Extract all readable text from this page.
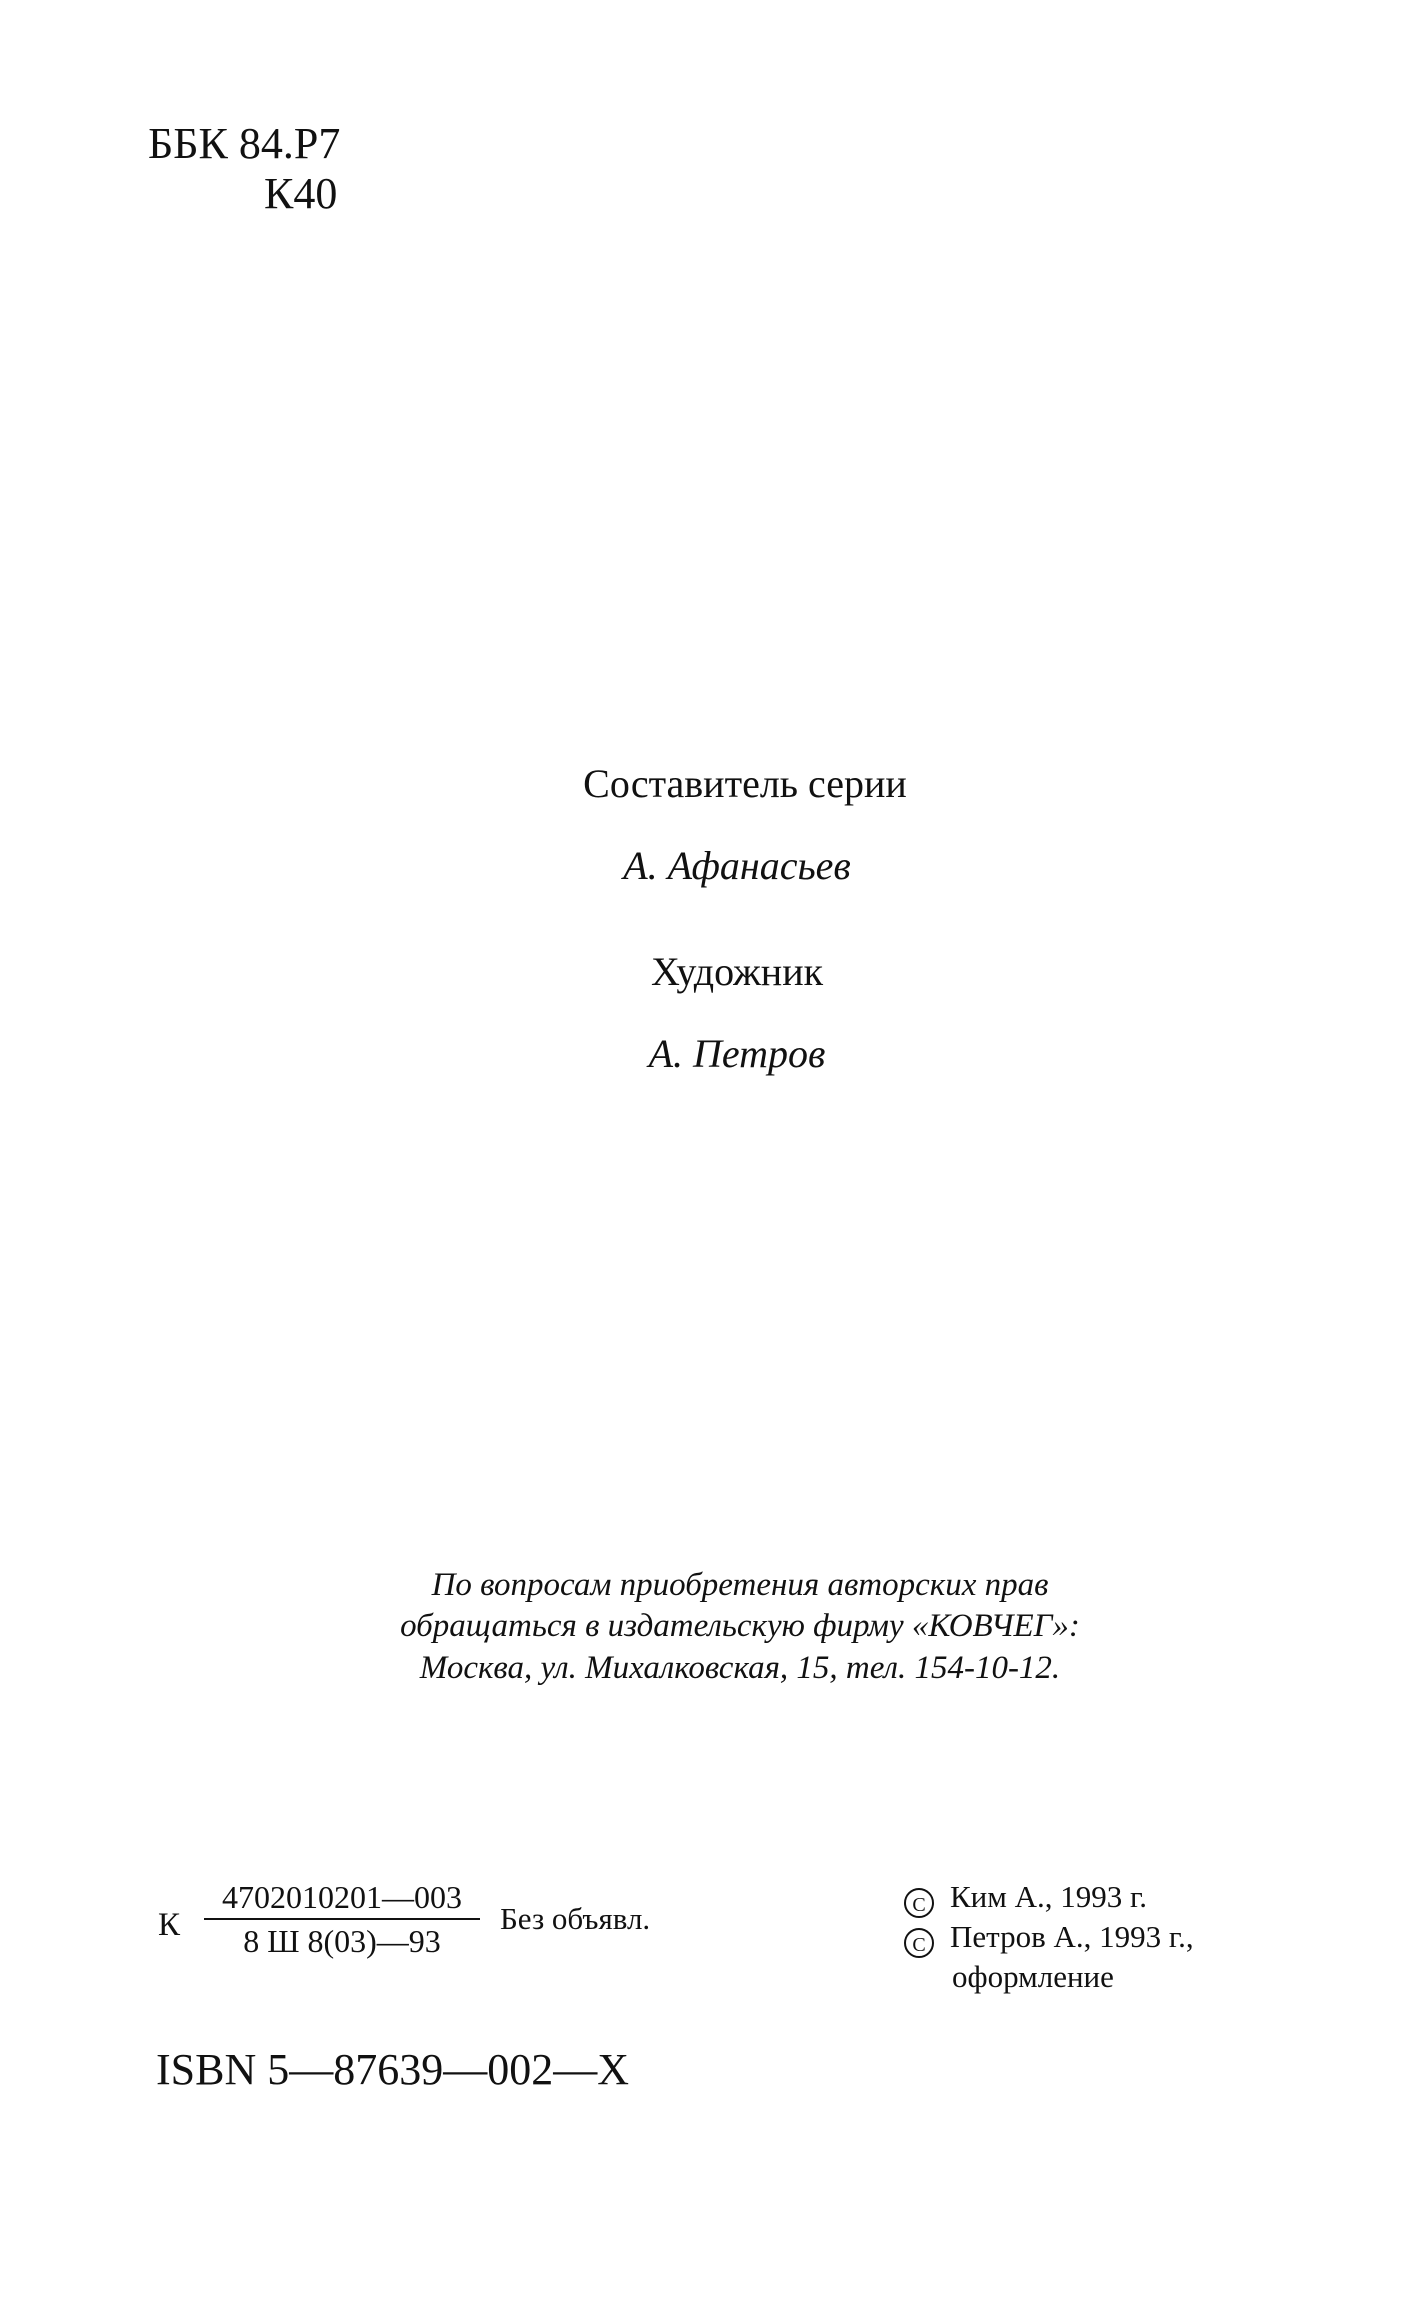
ББК 84.Р7
К40
Составитель серии
А. Афанасьев
Художник
А. Петров
По вопросам приобретения авторских прав
обращаться в издательскую фирму «КОВЧЕГ»:
Москва, ул. Михалковская, 15, тел. 154-10-12.
К
4702010201—003
8 Ш 8(03)—93
Без объявл.	C Ким А., 1993 г.
C Петров А., 1993 г.,
оформление
ISBN 5—87639—002—X
